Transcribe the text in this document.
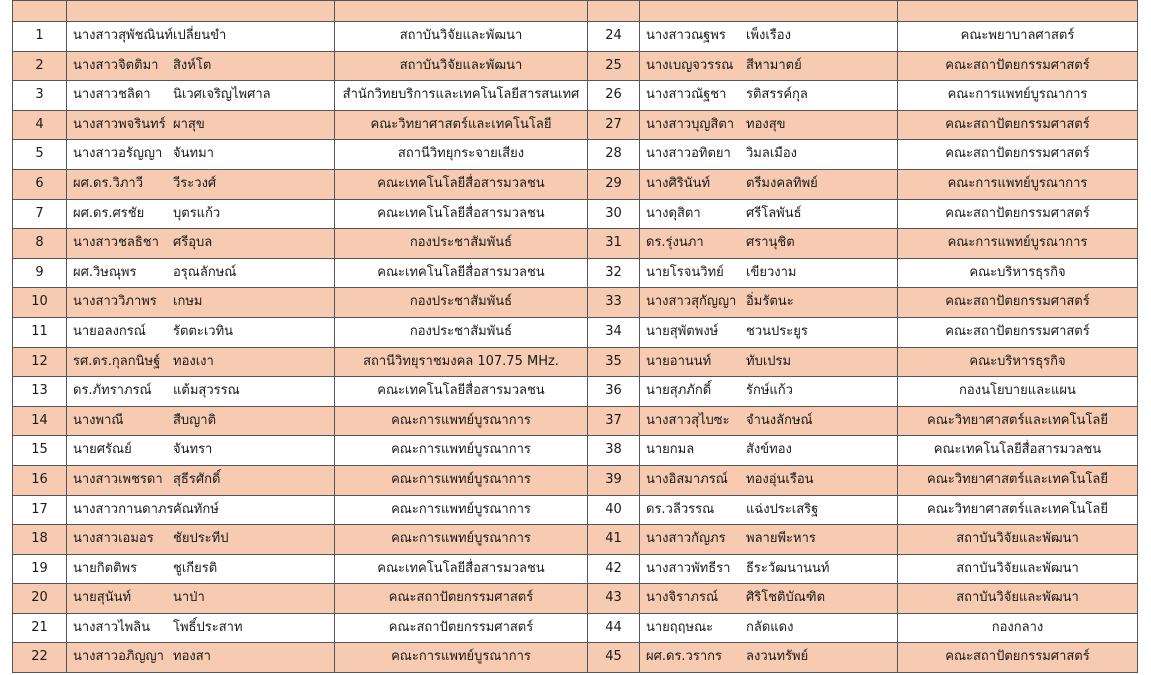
1	นางสาวสุพัชณินท์เปลี่ยนขำ	สถาบันวิจัยและพัฒนา	24	นางสาวณฐพร เพ็งเรือง	คณะพยาบาลศาสตร์
2	นางสาวจิตติมา สิงห์โต	สถาบันวิจัยและพัฒนา	25	นางเบญจวรรณ สีหามาตย์	คณะสถาปัตยกรรมศาสตร์
3	นางสาวชลิดา นิเวศเจริญไพศาล	สำนักวิทยบริการและเทคโนโลยีสารสนเทศ	26	นางสาวณัฐชา รติสรรค์กุล	คณะการแพทย์บูรณาการ
4	นางสาวพจรินทร์ ผาสุข	คณะวิทยาศาสตร์และเทคโนโลยี	27	นางสาวบุญสิตา ทองสุข	คณะสถาปัตยกรรมศาสตร์
5	นางสาวอรัญญา จันทมา	สถานีวิทยุกระจายเสียง	28	นางสาวอทิตยา วิมลเมือง	คณะสถาปัตยกรรมศาสตร์
6	ผศ.ดร.วิภาวี วีระวงศ์	คณะเทคโนโลยีสื่อสารมวลชน	29	นางศิรินันท์ ตรีมงคลทิพย์	คณะการแพทย์บูรณาการ
7	ผศ.ดร.ศรชัย บุตรแก้ว	คณะเทคโนโลยีสื่อสารมวลชน	30	นางดุสิตา ศรีโลพันธ์	คณะสถาปัตยกรรมศาสตร์
8	นางสาวชลธิชา ศรีอุบล	กองประชาสัมพันธ์	31	ดร.รุ่งนภา ศรานุชิต	คณะการแพทย์บูรณาการ
9	ผศ.วิษณุพร อรุณลักษณ์	คณะเทคโนโลยีสื่อสารมวลชน	32	นายโรจนวิทย์ เขียวงาม	คณะบริหารธุรกิจ
10	นางสาววิภาพร เกษม	กองประชาสัมพันธ์	33	นางสาวสุกัญญา อิ่มรัตนะ	คณะสถาปัตยกรรมศาสตร์
11	นายอลงกรณ์ รัตตะเวทิน	กองประชาสัมพันธ์	34	นายสุพัตพงษ์ ชวนประยูร	คณะสถาปัตยกรรมศาสตร์
12	รศ.ดร.กุลกนิษฐ์ ทองเงา	สถานีวิทยุราชมงคล 107.75 MHz.	35	นายอานนท์ ทับเปรม	คณะบริหารธุรกิจ
13	ดร.ภัทราภรณ์ แต้มสุวรรณ	คณะเทคโนโลยีสื่อสารมวลชน	36	นายสุภภักดิ์ รักษ์แก้ว	กองนโยบายและแผน
14	นางพาณี สืบญาติ	คณะการแพทย์บูรณาการ	37	นางสาวสุไบซะ จำนงลักษณ์	คณะวิทยาศาสตร์และเทคโนโลยี
15	นายศรัณย์ จันทรา	คณะการแพทย์บูรณาการ	38	นายกมล สังข์ทอง	คณะเทคโนโลยีสื่อสารมวลชน
16	นางสาวเพชรดา สุธีรศักดิ์	คณะการแพทย์บูรณาการ	39	นางอิสมาภรณ์ ทองอุ่นเรือน	คณะวิทยาศาสตร์และเทคโนโลยี
17	นางสาวกานดาภรคัณทักษ์	คณะการแพทย์บูรณาการ	40	ดร.วลีวรรณ แฉ่งประเสริฐ	คณะวิทยาศาสตร์และเทคโนโลยี
18	นางสาวเอมอร ชัยประทีป	คณะการแพทย์บูรณาการ	41	นางสาวกัญภร พลายพีะหาร	สถาบันวิจัยและพัฒนา
19	นายกิตติพร ชูเกียรติ	คณะเทคโนโลยีสื่อสารมวลชน	42	นางสาวพัทธีรา ธีระวัฒนานนท์	สถาบันวิจัยและพัฒนา
20	นายสุนันท์ นาป่า	คณะสถาปัตยกรรมศาสตร์	43	นางจิราภรณ์ ศิริโชติบัณฑิต	สถาบันวิจัยและพัฒนา
21	นางสาวไพลิน โพธิ์ประสาท	คณะสถาปัตยกรรมศาสตร์	44	นายฤฤษณะ กลัดแดง	กองกลาง
22	นางสาวอภิญญา ทองสา	คณะการแพทย์บูรณาการ	45	ผศ.ดร.วรากร ลงวนทรัพย์	คณะสถาปัตยกรรมศาสตร์
